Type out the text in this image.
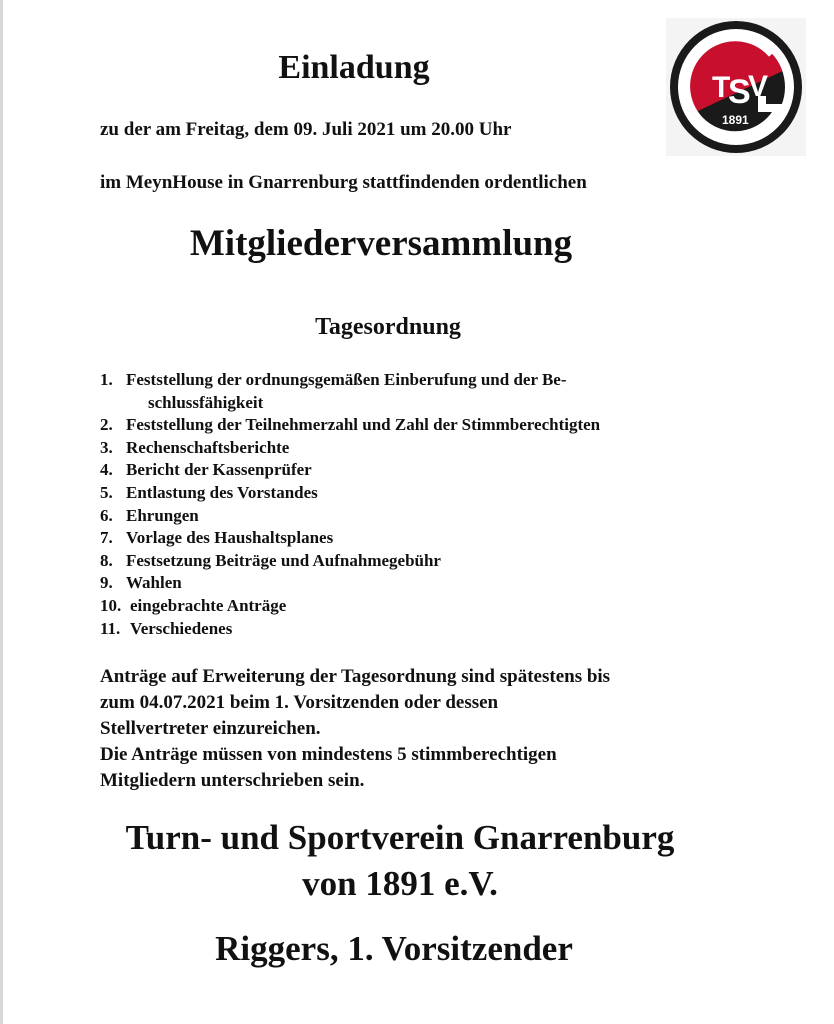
Einladung

zu der am Freitag, dem 09. Juli 2021 um 20.00 Uhr

im MeynHouse in Gnarrenburg stattfindenden ordentlichen

Mitgliederversammlung
Tagesordnung
1. Feststellung der ordnungsgemäßen Einberufung und der Be-
schlussfähigkeit
2. Feststellung der Teilnehmerzahl und Zahl der Stimmberechtigten
3. Rechenschaftsberichte
4. Bericht der Kassenprüfer
5. Entlastung des Vorstandes
6. Ehrungen
7. Vorlage des Haushaltsplanes
8. Festsetzung Beiträge und Aufnahmegebühr
9. Wahlen
10. eingebrachte Anträge
11. Verschiedenes

Anträge auf Erweiterung der Tagesordnung sind spätestens bis
zum 04.07.2021 beim 1. Vorsitzenden oder dessen
Stellvertreter einzureichen.
Die Anträge müssen von mindestens 5 stimmberechtigen
Mitgliedern unterschrieben sein.

Turn- und Sportverein Gnarrenburg
von 1891 e.V.

Riggers, 1. Vorsitzender

T
S
V
1891
